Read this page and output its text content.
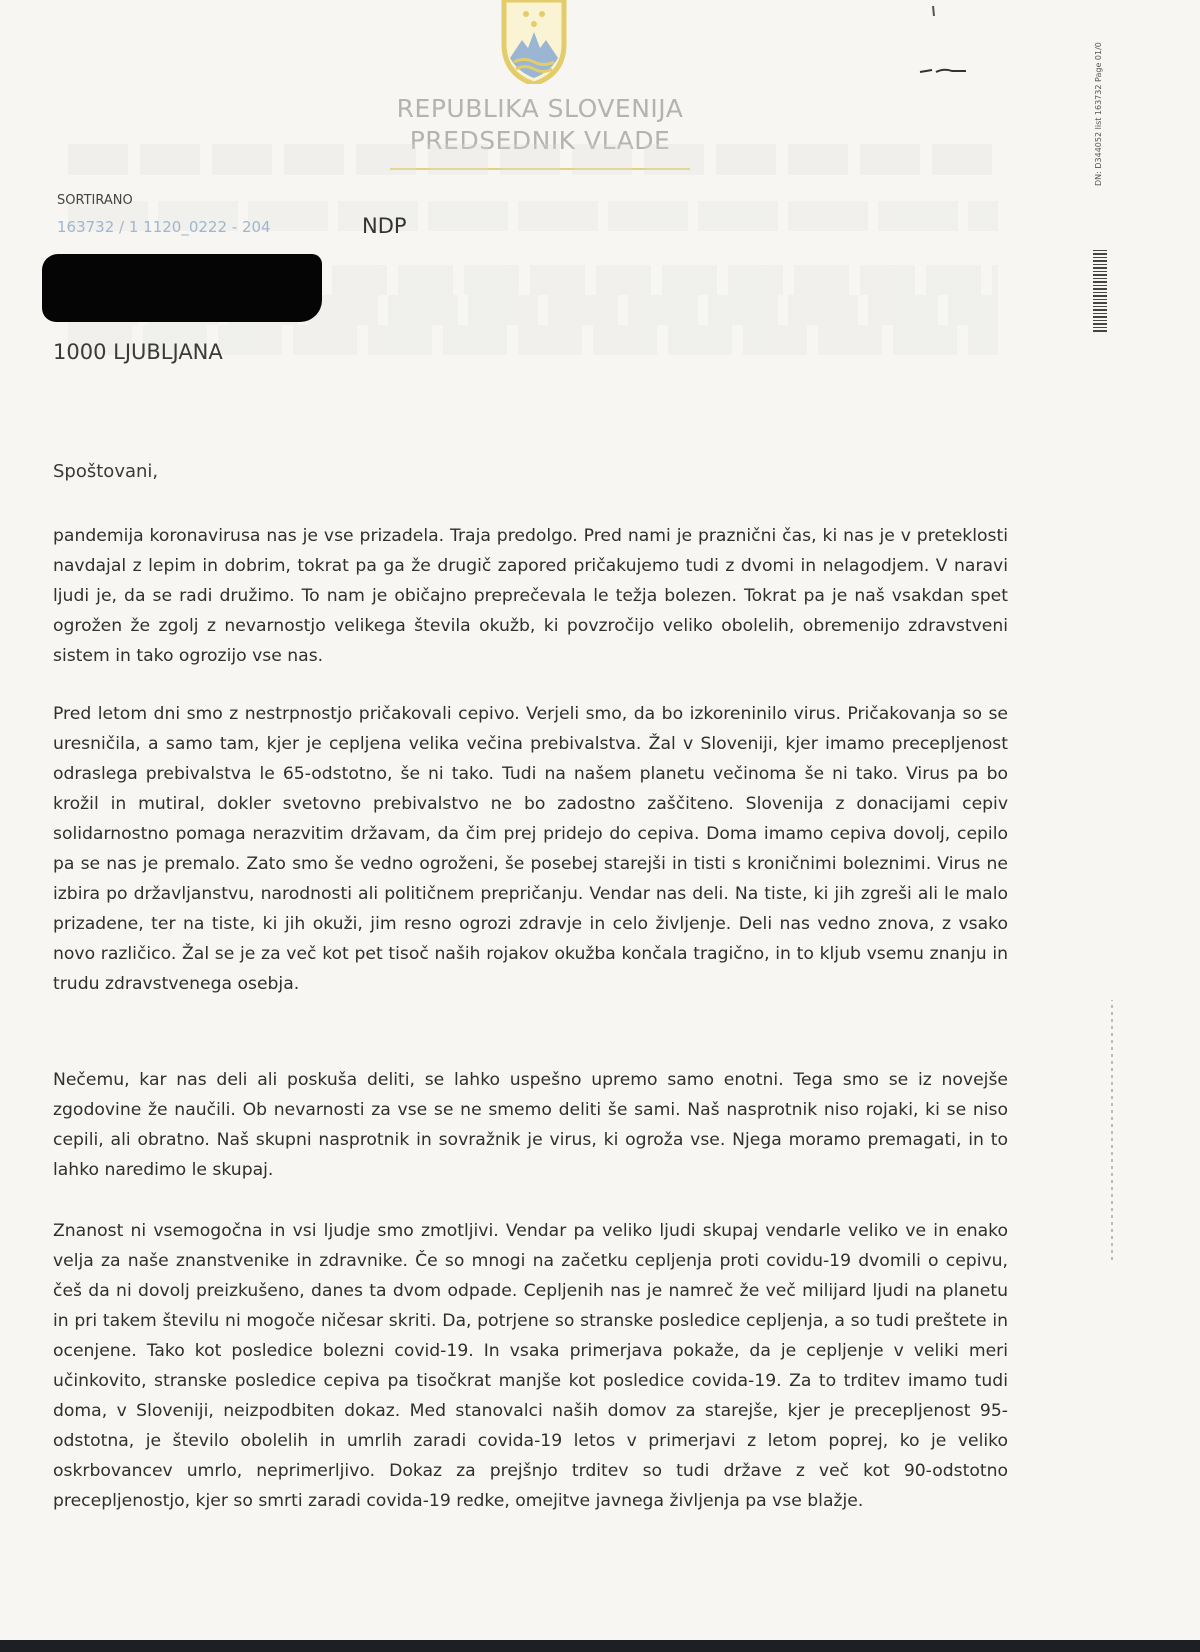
REPUBLIKA SLOVENIJA
PREDSEDNIK VLADE	DN: D344052 list 163732 Page 01/0
SORTIRANO
163732 / 1 1120_0222 - 204	NDP
1000 LJUBLJANA
Spoštovani,

pandemija koronavirusa nas je vse prizadela. Traja predolgo. Pred nami je praznični čas, ki nas je v preteklosti navdajal z lepim in dobrim, tokrat pa ga že drugič zapored pričakujemo tudi z dvomi in nelagodjem. V naravi ljudi je, da se radi družimo. To nam je običajno preprečevala le težja bolezen. Tokrat pa je naš vsakdan spet ogrožen že zgolj z nevarnostjo velikega števila okužb, ki povzročijo veliko obolelih, obremenijo zdravstveni sistem in tako ogrozijo vse nas.

Pred letom dni smo z nestrpnostjo pričakovali cepivo. Verjeli smo, da bo izkoreninilo virus. Pričakovanja so se uresničila, a samo tam, kjer je cepljena velika večina prebivalstva. Žal v Sloveniji, kjer imamo precepljenost odraslega prebivalstva le 65-odstotno, še ni tako. Tudi na našem planetu večinoma še ni tako. Virus pa bo krožil in mutiral, dokler svetovno prebivalstvo ne bo zadostno zaščiteno. Slovenija z donacijami cepiv solidarnostno pomaga nerazvitim državam, da čim prej pridejo do cepiva. Doma imamo cepiva dovolj, cepilo pa se nas je premalo. Zato smo še vedno ogroženi, še posebej starejši in tisti s kroničnimi boleznimi. Virus ne izbira po državljanstvu, narodnosti ali političnem prepričanju. Vendar nas deli. Na tiste, ki jih zgreši ali le malo prizadene, ter na tiste, ki jih okuži, jim resno ogrozi zdravje in celo življenje. Deli nas vedno znova, z vsako novo različico. Žal se je za več kot pet tisoč naših rojakov okužba končala tragično, in to kljub vsemu znanju in trudu zdravstvenega osebja.

Nečemu, kar nas deli ali poskuša deliti, se lahko uspešno upremo samo enotni. Tega smo se iz novejše zgodovine že naučili. Ob nevarnosti za vse se ne smemo deliti še sami. Naš nasprotnik niso rojaki, ki se niso cepili, ali obratno. Naš skupni nasprotnik in sovražnik je virus, ki ogroža vse. Njega moramo premagati, in to lahko naredimo le skupaj.

Znanost ni vsemogočna in vsi ljudje smo zmotljivi. Vendar pa veliko ljudi skupaj vendarle veliko ve in enako velja za naše znanstvenike in zdravnike. Če so mnogi na začetku cepljenja proti covidu-19 dvomili o cepivu, češ da ni dovolj preizkušeno, danes ta dvom odpade. Cepljenih nas je namreč že več milijard ljudi na planetu in pri takem številu ni mogoče ničesar skriti. Da, potrjene so stranske posledice cepljenja, a so tudi preštete in ocenjene. Tako kot posledice bolezni covid-19. In vsaka primerjava pokaže, da je cepljenje v veliki meri učinkovito, stranske posledice cepiva pa tisočkrat manjše kot posledice covida-19. Za to trditev imamo tudi doma, v Sloveniji, neizpodbiten dokaz. Med stanovalci naših domov za starejše, kjer je precepljenost 95-odstotna, je število obolelih in umrlih zaradi covida-19 letos v primerjavi z letom poprej, ko je veliko oskrbovancev umrlo, neprimerljivo. Dokaz za prejšnjo trditev so tudi države z več kot 90-odstotno precepljenostjo, kjer so smrti zaradi covida-19 redke, omejitve javnega življenja pa vse blažje.
